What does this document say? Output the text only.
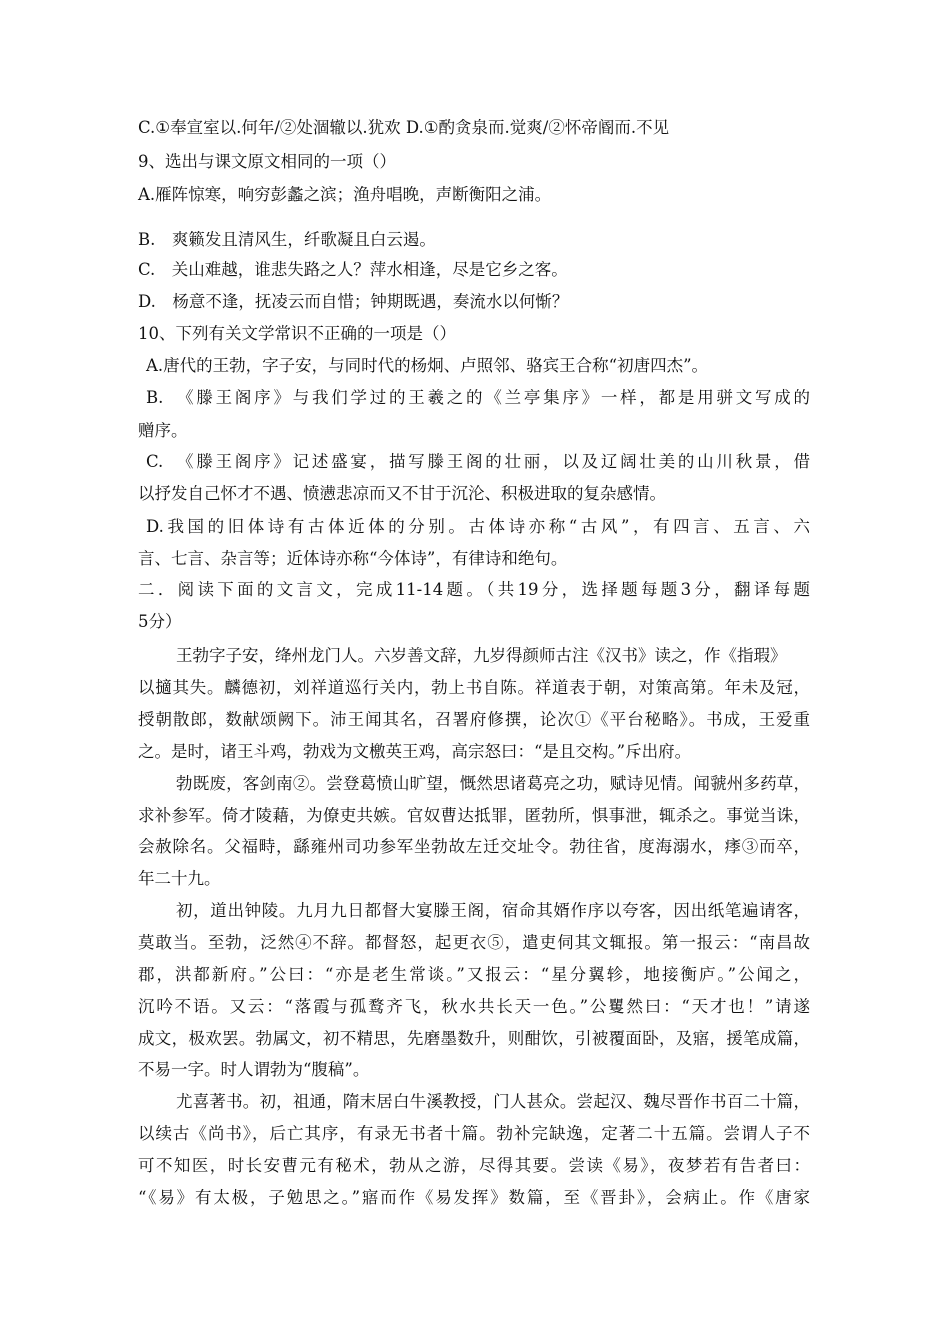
C.①奉宣室以.何年/②处涸辙以.犹欢 D.①酌贪泉而.觉爽/②怀帝阍而.不见
9、选出与课文原文相同的一项（）
A.雁阵惊寒，响穷彭蠡之滨；渔舟唱晚，声断衡阳之浦。
B.　爽籁发且清风生，纤歌凝且白云遏。
C.　关山难越，谁悲失路之人？萍水相逢，尽是它乡之客。
D.　杨意不逢，抚凌云而自惜；钟期既遇，奏流水以何惭？
10、下列有关文学常识不正确的一项是（）
A.唐代的王勃，字子安，与同时代的杨炯、卢照邻、骆宾王合称“初唐四杰”。
B.　《滕王阁序》与我们学过的王羲之的《兰亭集序》一样，都是用骈文写成的
赠序。
C.　《滕王阁序》记述盛宴，描写滕王阁的壮丽，以及辽阔壮美的山川秋景，借
以抒发自己怀才不遇、愤懑悲凉而又不甘于沉沦、积极进取的复杂感情。
D.我国的旧体诗有古体近体的分别。古体诗亦称“古风”，有四言、五言、六
言、七言、杂言等；近体诗亦称“今体诗”，有律诗和绝句。
二．阅读下面的文言文，完成11-14题。（共19分，选择题每题3分，翻译每题
5分）
王勃字子安，绛州龙门人。六岁善文辞，九岁得颜师古注《汉书》读之，作《指瑕》
以擿其失。麟德初，刘祥道巡行关内，勃上书自陈。祥道表于朝，对策高第。年未及冠，
授朝散郎，数献颂阙下。沛王闻其名，召署府修撰，论次①《平台秘略》。书成，王爱重
之。是时，诸王斗鸡，勃戏为文檄英王鸡，高宗怒曰：“是且交构。”斥出府。
勃既废，客剑南②。尝登葛愤山旷望，慨然思诸葛亮之功，赋诗见情。闻虢州多药草，
求补参军。倚才陵藉，为僚吏共嫉。官奴曹达抵罪，匿勃所，惧事泄，辄杀之。事觉当诛，
会赦除名。父福畤，繇雍州司功参军坐勃故左迁交址令。勃往省，度海溺水，痵③而卒，
年二十九。
初，道出钟陵。九月九日都督大宴滕王阁，宿命其婿作序以夸客，因出纸笔遍请客，
莫敢当。至勃，泛然④不辞。都督怒，起更衣⑤，遣吏伺其文辄报。第一报云：“南昌故
郡，洪都新府。”公曰：“亦是老生常谈。”又报云：“星分翼轸，地接衡庐。”公闻之，
沉吟不语。又云：“落霞与孤鹜齐飞，秋水共长天一色。”公矍然曰：“天才也！”请遂
成文，极欢罢。勃属文，初不精思，先磨墨数升，则酣饮，引被覆面卧，及寤，援笔成篇，
不易一字。时人谓勃为“腹稿”。
尤喜著书。初，祖通，隋末居白牛溪教授，门人甚众。尝起汉、魏尽晋作书百二十篇，
以续古《尚书》，后亡其序，有录无书者十篇。勃补完缺逸，定著二十五篇。尝谓人子不
可不知医，时长安曹元有秘术，勃从之游，尽得其要。尝读《易》，夜梦若有告者曰：
“《易》有太极，子勉思之。”寤而作《易发挥》数篇，至《晋卦》，会病止。作《唐家
